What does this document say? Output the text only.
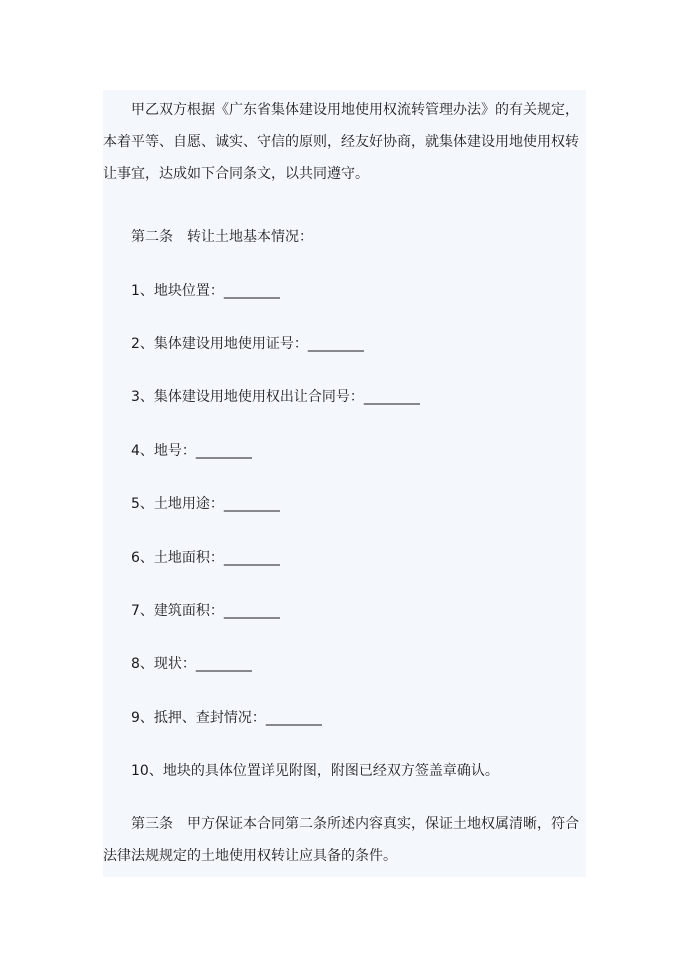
甲乙双方根据《广东省集体建设用地使用权流转管理办法》的有关规定，
本着平等、自愿、诚实、守信的原则，经友好协商，就集体建设用地使用权转
让事宜，达成如下合同条文，以共同遵守。
第二条　转让土地基本情况：
1、地块位置：________
2、集体建设用地使用证号：________
3、集体建设用地使用权出让合同号：________
4、地号：________
5、土地用途：________
6、土地面积：________
7、建筑面积：________
8、现状：________
9、抵押、查封情况：________
10、地块的具体位置详见附图，附图已经双方签盖章确认。
第三条　甲方保证本合同第二条所述内容真实，保证土地权属清晰，符合
法律法规规定的土地使用权转让应具备的条件。
